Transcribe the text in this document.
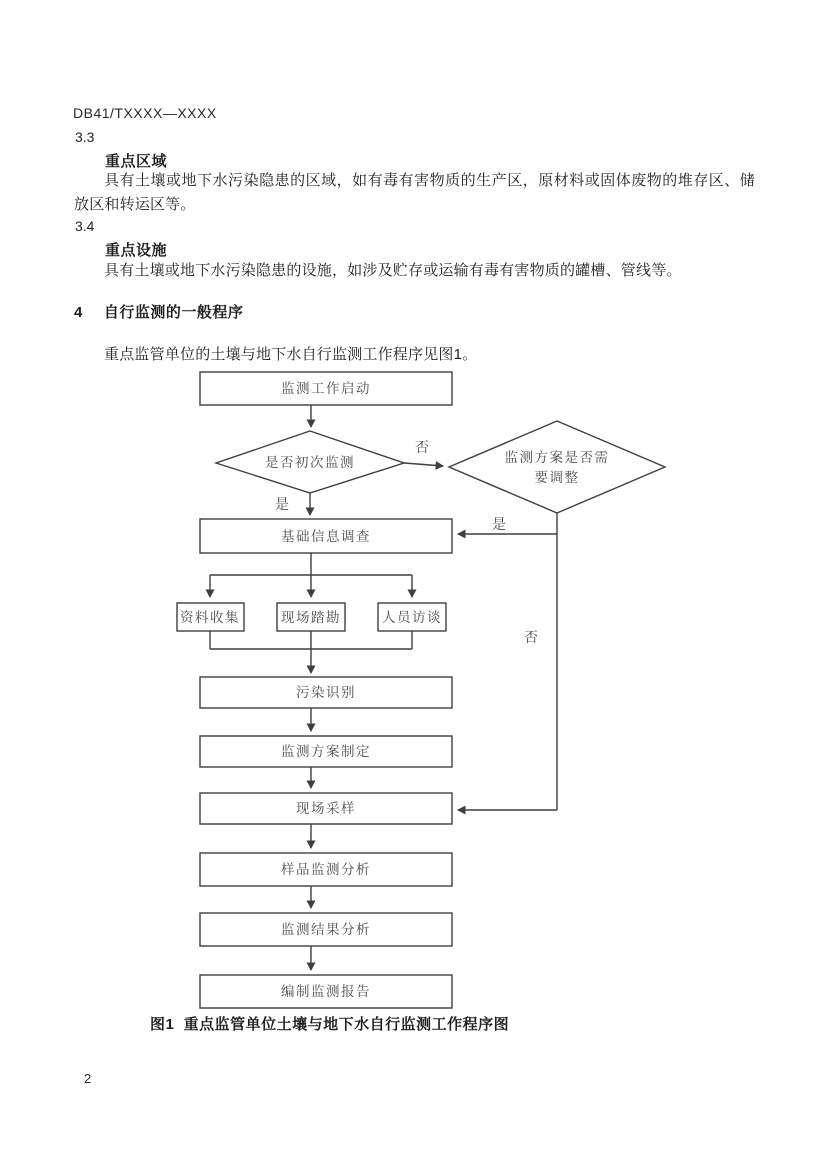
DB41/TXXXX—XXXX
3.3
重点区域
具有土壤或地下水污染隐患的区域，如有毒有害物质的生产区，原材料或固体废物的堆存区、储放区和转运区等。
3.4
重点设施
具有土壤或地下水污染隐患的设施，如涉及贮存或运输有毒有害物质的罐槽、管线等。
4 自行监测的一般程序
重点监管单位的土壤与地下水自行监测工作程序见图1。
监测工作启动
是否初次监测	监测方案是否需
要调整
基础信息调查
资料收集	现场踏勘	人员访谈
污染识别
监测方案制定
现场采样
样品监测分析
监测结果分析
编制监测报告
否
是
是
否
图1  重点监管单位土壤与地下水自行监测工作程序图
2
